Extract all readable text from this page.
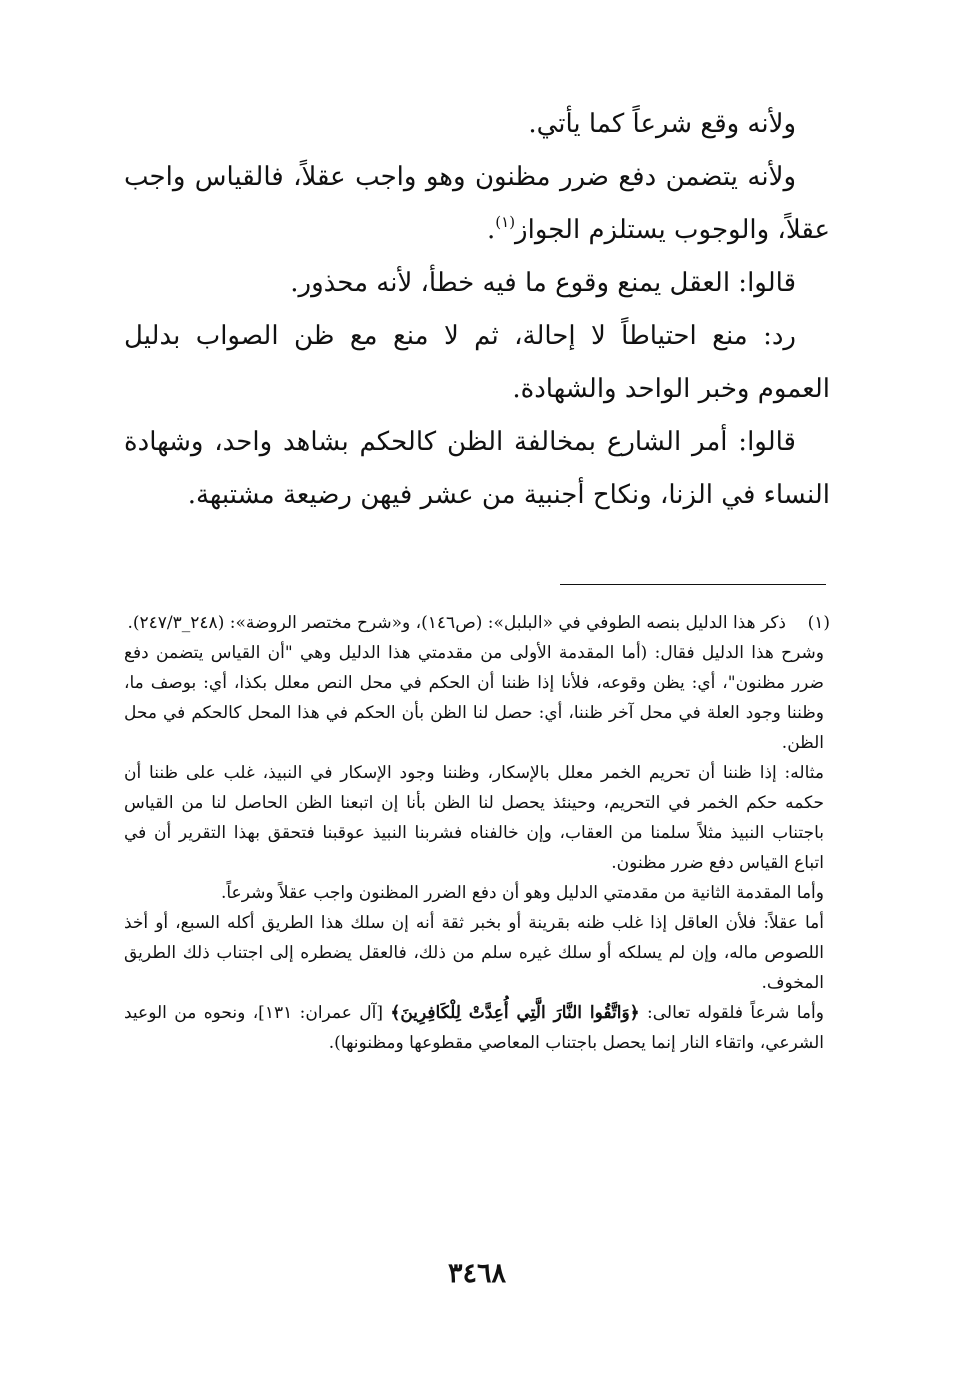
ولأنه وقع شرعاً كما يأتي.

ولأنه يتضمن دفع ضرر مظنون وهو واجب عقلاً، فالقياس واجب عقلاً، والوجوب يستلزم الجواز$^{(١)}$.

قالوا: العقل يمنع وقوع ما فيه خطأ، لأنه محذور.

رد: منع احتياطاً لا إحالة، ثم لا منع مع ظن الصواب بدليل العموم وخبر الواحد والشهادة.

قالوا: أمر الشارع بمخالفة الظن كالحكم بشاهد واحد، وشهادة النساء في الزنا، ونكاح أجنبية من عشر فيهن رضيعة مشتبهة.

(١)
ذكر هذا الدليل بنصه الطوفي في «البلبل»: (ص١٤٦)، و«شرح مختصر الروضة»: (٢٤٨_٢٤٧/٣).

وشرح هذا الدليل فقال: (أما المقدمة الأولى من مقدمتي هذا الدليل وهي "أن القياس يتضمن دفع ضرر مظنون"، أي: يظن وقوعه، فلأنا إذا ظننا أن الحكم في محل النص معلل بكذا، أي: بوصف ما، وظننا وجود العلة في محل آخر ظننا، أي: حصل لنا الظن بأن الحكم في هذا المحل كالحكم في محل الظن.

مثاله: إذا ظننا أن تحريم الخمر معلل بالإسكار، وظننا وجود الإسكار في النبيذ، غلب على ظننا أن حكمه حكم الخمر في التحريم، وحينئذ يحصل لنا الظن بأنا إن اتبعنا الظن الحاصل لنا من القياس باجتناب النبيذ مثلاً سلمنا من العقاب، وإن خالفناه فشربنا النبيذ عوقبنا فتحقق بهذا التقرير أن في اتباع القياس دفع ضرر مظنون.

وأما المقدمة الثانية من مقدمتي الدليل وهو أن دفع الضرر المظنون واجب عقلاً وشرعاً.

أما عقلاً: فلأن العاقل إذا غلب ظنه بقرينة أو بخبر ثقة أنه إن سلك هذا الطريق أكله السبع، أو أخذ اللصوص ماله، وإن لم يسلكه أو سلك غيره سلم من ذلك، فالعقل يضطره إلى اجتناب ذلك الطريق المخوف.

وأما شرعاً فلقوله تعالى: ﴿وَاتَّقُوا النَّارَ الَّتِي أُعِدَّتْ لِلْكَافِرِينَ﴾ [آل عمران: ١٣١]، ونحوه من الوعيد الشرعي، واتقاء النار إنما يحصل باجتناب المعاصي مقطوعها ومظنونها).

٣٤٦٨
